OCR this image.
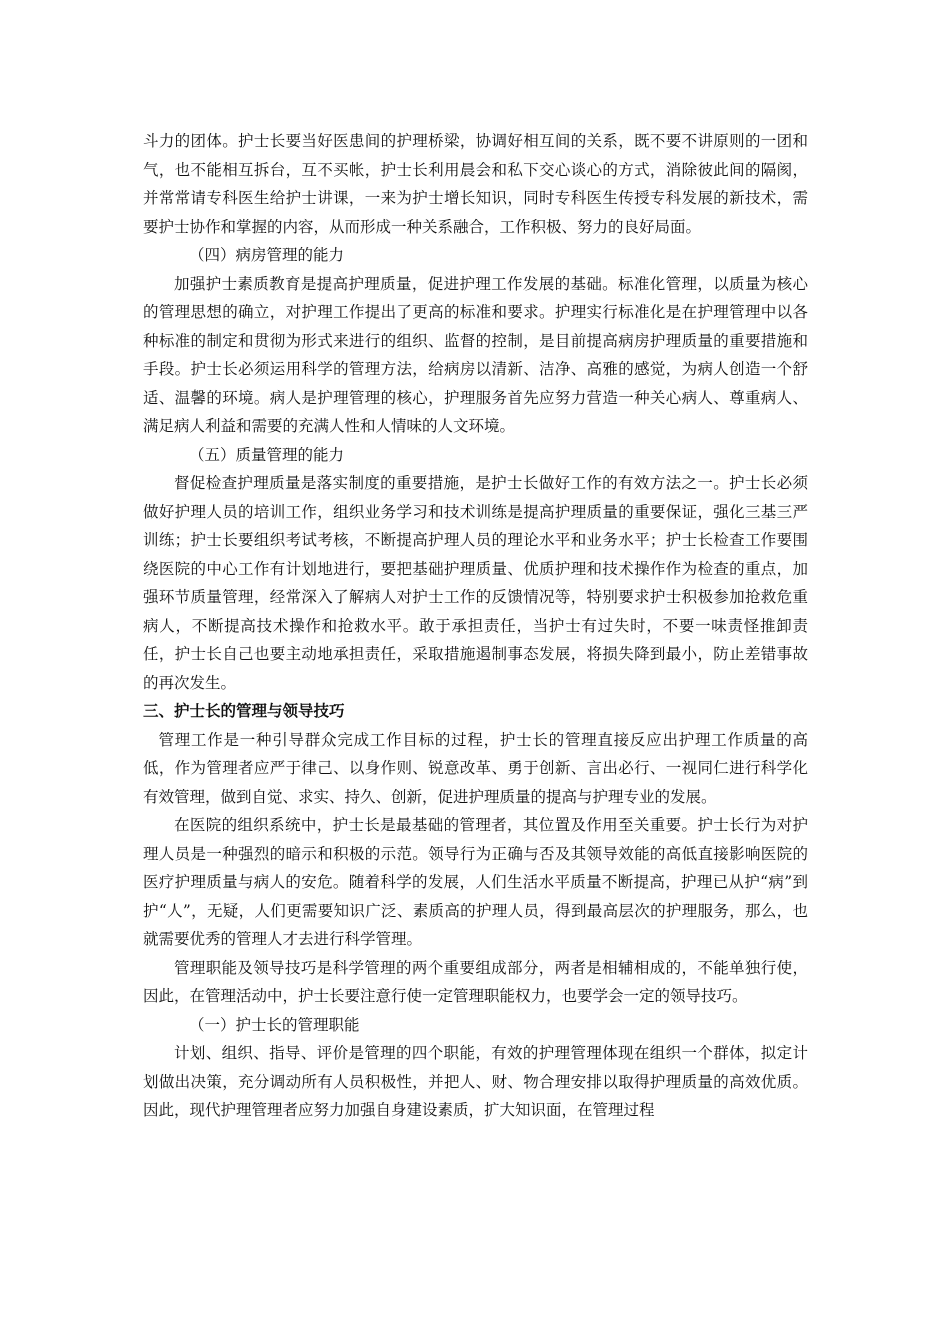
斗力的团体。护士长要当好医患间的护理桥梁，协调好相互间的关系，既不要不讲原则的一团和气，也不能相互拆台，互不买帐，护士长利用晨会和私下交心谈心的方式，消除彼此间的隔阂，并常常请专科医生给护士讲课，一来为护士增长知识，同时专科医生传授专科发展的新技术，需要护士协作和掌握的内容，从而形成一种关系融合，工作积极、努力的良好局面。

（四）病房管理的能力

加强护士素质教育是提高护理质量，促进护理工作发展的基础。标准化管理，以质量为核心的管理思想的确立，对护理工作提出了更高的标准和要求。护理实行标准化是在护理管理中以各种标准的制定和贯彻为形式来进行的组织、监督的控制，是目前提高病房护理质量的重要措施和手段。护士长必须运用科学的管理方法，给病房以清新、洁净、高雅的感觉，为病人创造一个舒适、温馨的环境。病人是护理管理的核心，护理服务首先应努力营造一种关心病人、尊重病人、满足病人利益和需要的充满人性和人情味的人文环境。

（五）质量管理的能力

督促检查护理质量是落实制度的重要措施，是护士长做好工作的有效方法之一。护士长必须做好护理人员的培训工作，组织业务学习和技术训练是提高护理质量的重要保证，强化三基三严训练；护士长要组织考试考核，不断提高护理人员的理论水平和业务水平；护士长检查工作要围绕医院的中心工作有计划地进行，要把基础护理质量、优质护理和技术操作作为检查的重点，加强环节质量管理，经常深入了解病人对护士工作的反馈情况等，特别要求护士积极参加抢救危重病人，不断提高技术操作和抢救水平。敢于承担责任，当护士有过失时，不要一味责怪推卸责任，护士长自己也要主动地承担责任，采取措施遏制事态发展，将损失降到最小，防止差错事故的再次发生。

三、护士长的管理与领导技巧

管理工作是一种引导群众完成工作目标的过程，护士长的管理直接反应出护理工作质量的高低，作为管理者应严于律己、以身作则、锐意改革、勇于创新、言出必行、一视同仁进行科学化有效管理，做到自觉、求实、持久、创新，促进护理质量的提高与护理专业的发展。

在医院的组织系统中，护士长是最基础的管理者，其位置及作用至关重要。护士长行为对护理人员是一种强烈的暗示和积极的示范。领导行为正确与否及其领导效能的高低直接影响医院的医疗护理质量与病人的安危。随着科学的发展，人们生活水平质量不断提高，护理已从护“病”到护“人”，无疑，人们更需要知识广泛、素质高的护理人员，得到最高层次的护理服务，那么，也就需要优秀的管理人才去进行科学管理。

管理职能及领导技巧是科学管理的两个重要组成部分，两者是相辅相成的，不能单独行使，因此，在管理活动中，护士长要注意行使一定管理职能权力，也要学会一定的领导技巧。

（一）护士长的管理职能

计划、组织、指导、评价是管理的四个职能，有效的护理管理体现在组织一个群体，拟定计划做出决策，充分调动所有人员积极性，并把人、财、物合理安排以取得护理质量的高效优质。因此，现代护理管理者应努力加强自身建设素质，扩大知识面，在管理过程
